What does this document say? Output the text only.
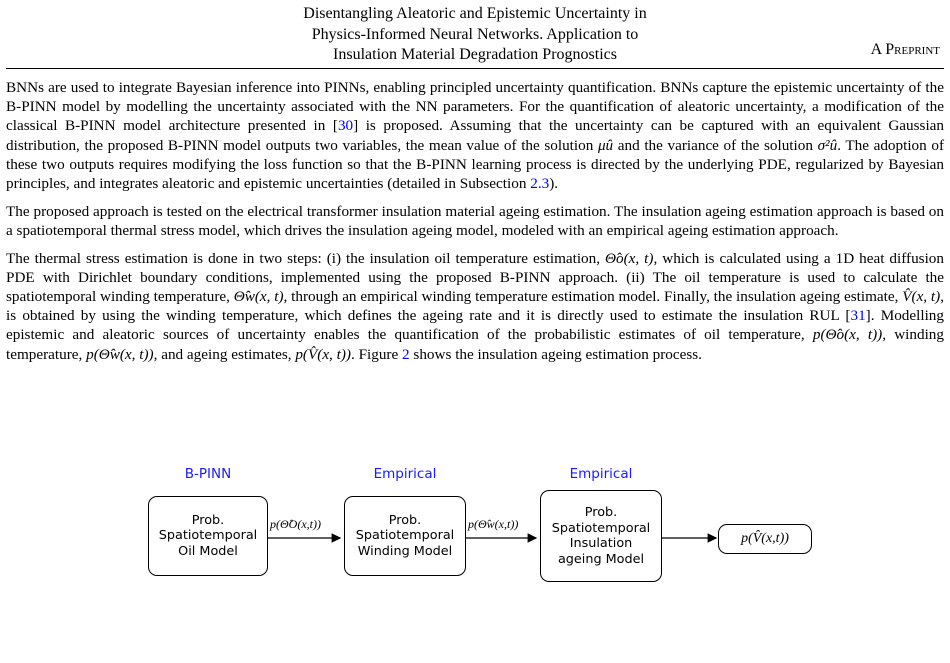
Disentangling Aleatoric and Epistemic Uncertainty in
Physics-Informed Neural Networks. Application to
Insulation Material Degradation Prognostics	A Preprint

BNNs are used to integrate Bayesian inference into PINNs, enabling principled uncertainty quantification. BNNs capture the epistemic uncertainty of the B-PINN model by modelling the uncertainty associated with the NN parameters. For the quantification of aleatoric uncertainty, a modification of the classical B-PINN model architecture presented in [30] is proposed. Assuming that the uncertainty can be captured with an equivalent Gaussian distribution, the proposed B-PINN model outputs two variables, the mean value of the solution μû and the variance of the solution σ²û. The adoption of these two outputs requires modifying the loss function so that the B-PINN learning process is directed by the underlying PDE, regularized by Bayesian principles, and integrates aleatoric and epistemic uncertainties (detailed in Subsection 2.3).

The proposed approach is tested on the electrical transformer insulation material ageing estimation. The insulation ageing estimation approach is based on a spatiotemporal thermal stress model, which drives the insulation ageing model, modeled with an empirical ageing estimation approach.

The thermal stress estimation is done in two steps: (i) the insulation oil temperature estimation, Θ̂o(x, t), which is calculated using a 1D heat diffusion PDE with Dirichlet boundary conditions, implemented using the proposed B-PINN approach. (ii) The oil temperature is used to calculate the spatiotemporal winding temperature, Θ̂w(x, t), through an empirical winding temperature estimation model. Finally, the insulation ageing estimate, V̂(x, t), is obtained by using the winding temperature, which defines the ageing rate and it is directly used to estimate the insulation RUL [31]. Modelling epistemic and aleatoric sources of uncertainty enables the quantification of the probabilistic estimates of oil temperature, p(Θ̂o(x, t)), winding temperature, p(Θ̂w(x, t)), and ageing estimates, p(V̂(x, t)). Figure 2 shows the insulation ageing estimation process.

B-PINN	Empirical	Empirical
Prob.
Spatiotemporal
Oil Model
Prob.
Spatiotemporal
Winding Model
Prob.
Spatiotemporal
Insulation
ageing Model
p(Θ̂O(x,t))	p(Θ̂w(x,t))
p(V̂(x,t))
